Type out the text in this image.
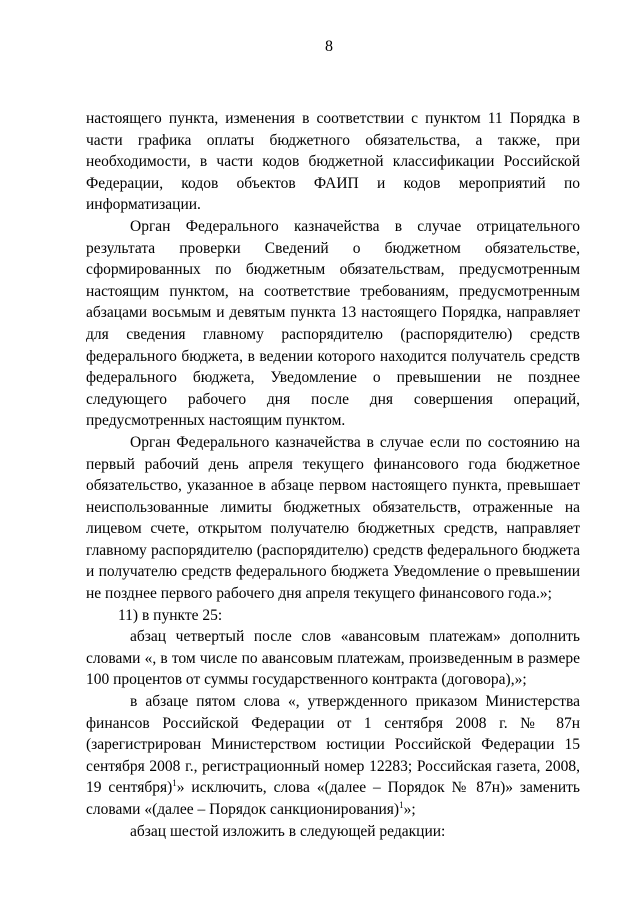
8

настоящего пункта, изменения в соответствии с пунктом 11 Порядка в части графика оплаты бюджетного обязательства, а также, при необходимости, в части кодов бюджетной классификации Российской Федерации, кодов объектов ФАИП и кодов мероприятий по информатизации.

Орган Федерального казначейства в случае отрицательного результата проверки Сведений о бюджетном обязательстве, сформированных по бюджетным обязательствам, предусмотренным настоящим пунктом, на соответствие требованиям, предусмотренным абзацами восьмым и девятым пункта 13 настоящего Порядка, направляет для сведения главному распорядителю (распорядителю) средств федерального бюджета, в ведении которого находится получатель средств федерального бюджета, Уведомление о превышении не позднее следующего рабочего дня после дня совершения операций, предусмотренных настоящим пунктом.

Орган Федерального казначейства в случае если по состоянию на первый рабочий день апреля текущего финансового года бюджетное обязательство, указанное в абзаце первом настоящего пункта, превышает неиспользованные лимиты бюджетных обязательств, отраженные на лицевом счете, открытом получателю бюджетных средств, направляет главному распорядителю (распорядителю) средств федерального бюджета и получателю средств федерального бюджета Уведомление о превышении не позднее первого рабочего дня апреля текущего финансового года.»;

11) в пункте 25:

абзац четвертый после слов «авансовым платежам» дополнить словами «, в том числе по авансовым платежам, произведенным в размере 100 процентов от суммы государственного контракта (договора),»;

в абзаце пятом слова «, утвержденного приказом Министерства финансов Российской Федерации от 1 сентября 2008 г. № 87н (зарегистрирован Министерством юстиции Российской Федерации 15 сентября 2008 г., регистрационный номер 12283; Российская газета, 2008, 19 сентября)$^1$» исключить, слова «(далее – Порядок № 87н)» заменить словами «(далее – Порядок санкционирования)$^1$»;

абзац шестой изложить в следующей редакции:
